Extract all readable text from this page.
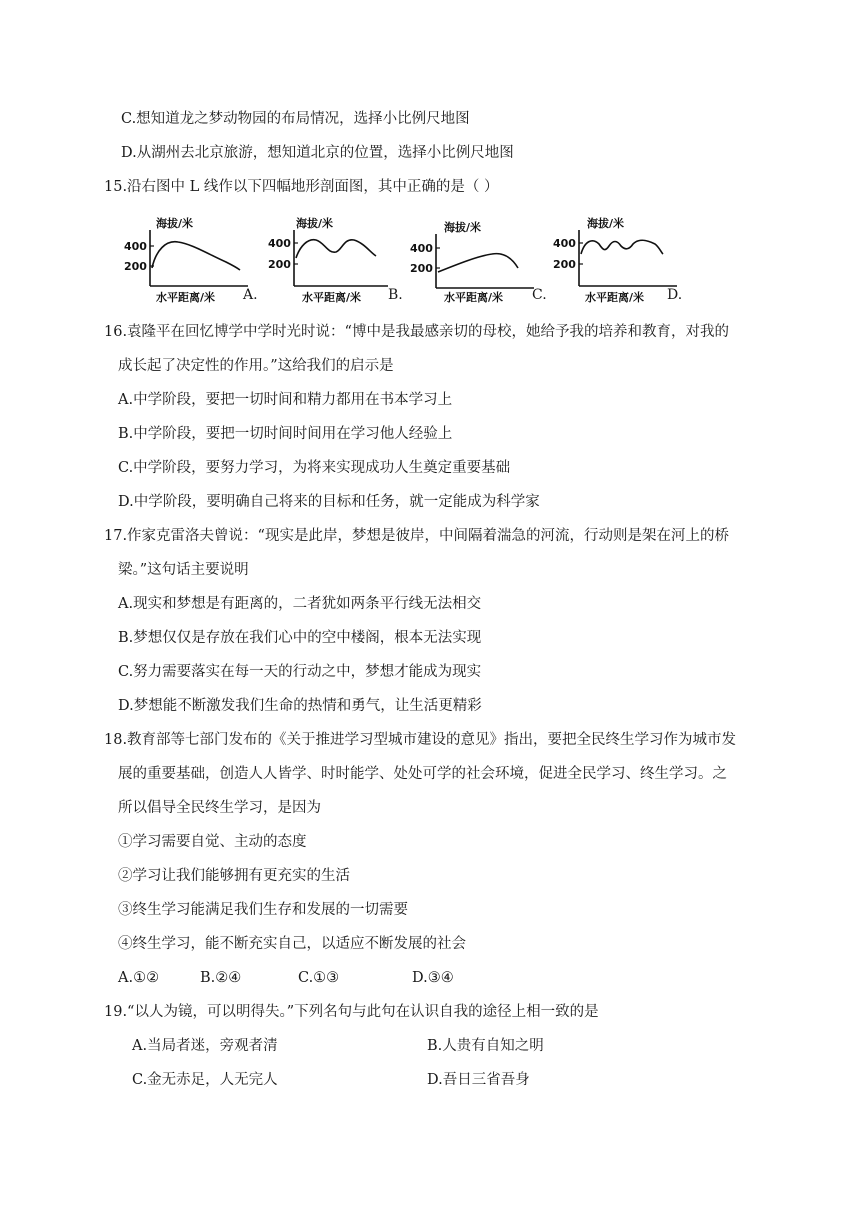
C.想知道龙之梦动物园的布局情况，选择小比例尺地图
D.从湖州去北京旅游，想知道北京的位置，选择小比例尺地图
15.沿右图中 L 线作以下四幅地形剖面图，其中正确的是（ ）
海拔/米
400
200
水平距离/米 A.
海拔/米
400
200
水平距离/米 B.
海拔/米
400
200
水平距离/米 C.
海拔/米
400
200
水平距离/米 D.
16.袁隆平在回忆博学中学时光时说：“博中是我最感亲切的母校，她给予我的培养和教育，对我的
成长起了决定性的作用。”这给我们的启示是
A.中学阶段，要把一切时间和精力都用在书本学习上
B.中学阶段，要把一切时间时间用在学习他人经验上
C.中学阶段，要努力学习，为将来实现成功人生奠定重要基础
D.中学阶段，要明确自己将来的目标和任务，就一定能成为科学家
17.作家克雷洛夫曾说：“现实是此岸，梦想是彼岸，中间隔着湍急的河流，行动则是架在河上的桥
梁。”这句话主要说明
A.现实和梦想是有距离的，二者犹如两条平行线无法相交
B.梦想仅仅是存放在我们心中的空中楼阁，根本无法实现
C.努力需要落实在每一天的行动之中，梦想才能成为现实
D.梦想能不断激发我们生命的热情和勇气，让生活更精彩
18.教育部等七部门发布的《关于推进学习型城市建设的意见》指出，要把全民终生学习作为城市发
展的重要基础，创造人人皆学、时时能学、处处可学的社会环境，促进全民学习、终生学习。之
所以倡导全民终生学习，是因为
①学习需要自觉、主动的态度
②学习让我们能够拥有更充实的生活
③终生学习能满足我们生存和发展的一切需要
④终生学习，能不断充实自己，以适应不断发展的社会
A.①②	B.②④	C.①③	D.③④
19.“以人为镜，可以明得失。”下列名句与此句在认识自我的途径上相一致的是
A.当局者迷，旁观者清	B.人贵有自知之明
C.金无赤足，人无完人	D.吾日三省吾身
